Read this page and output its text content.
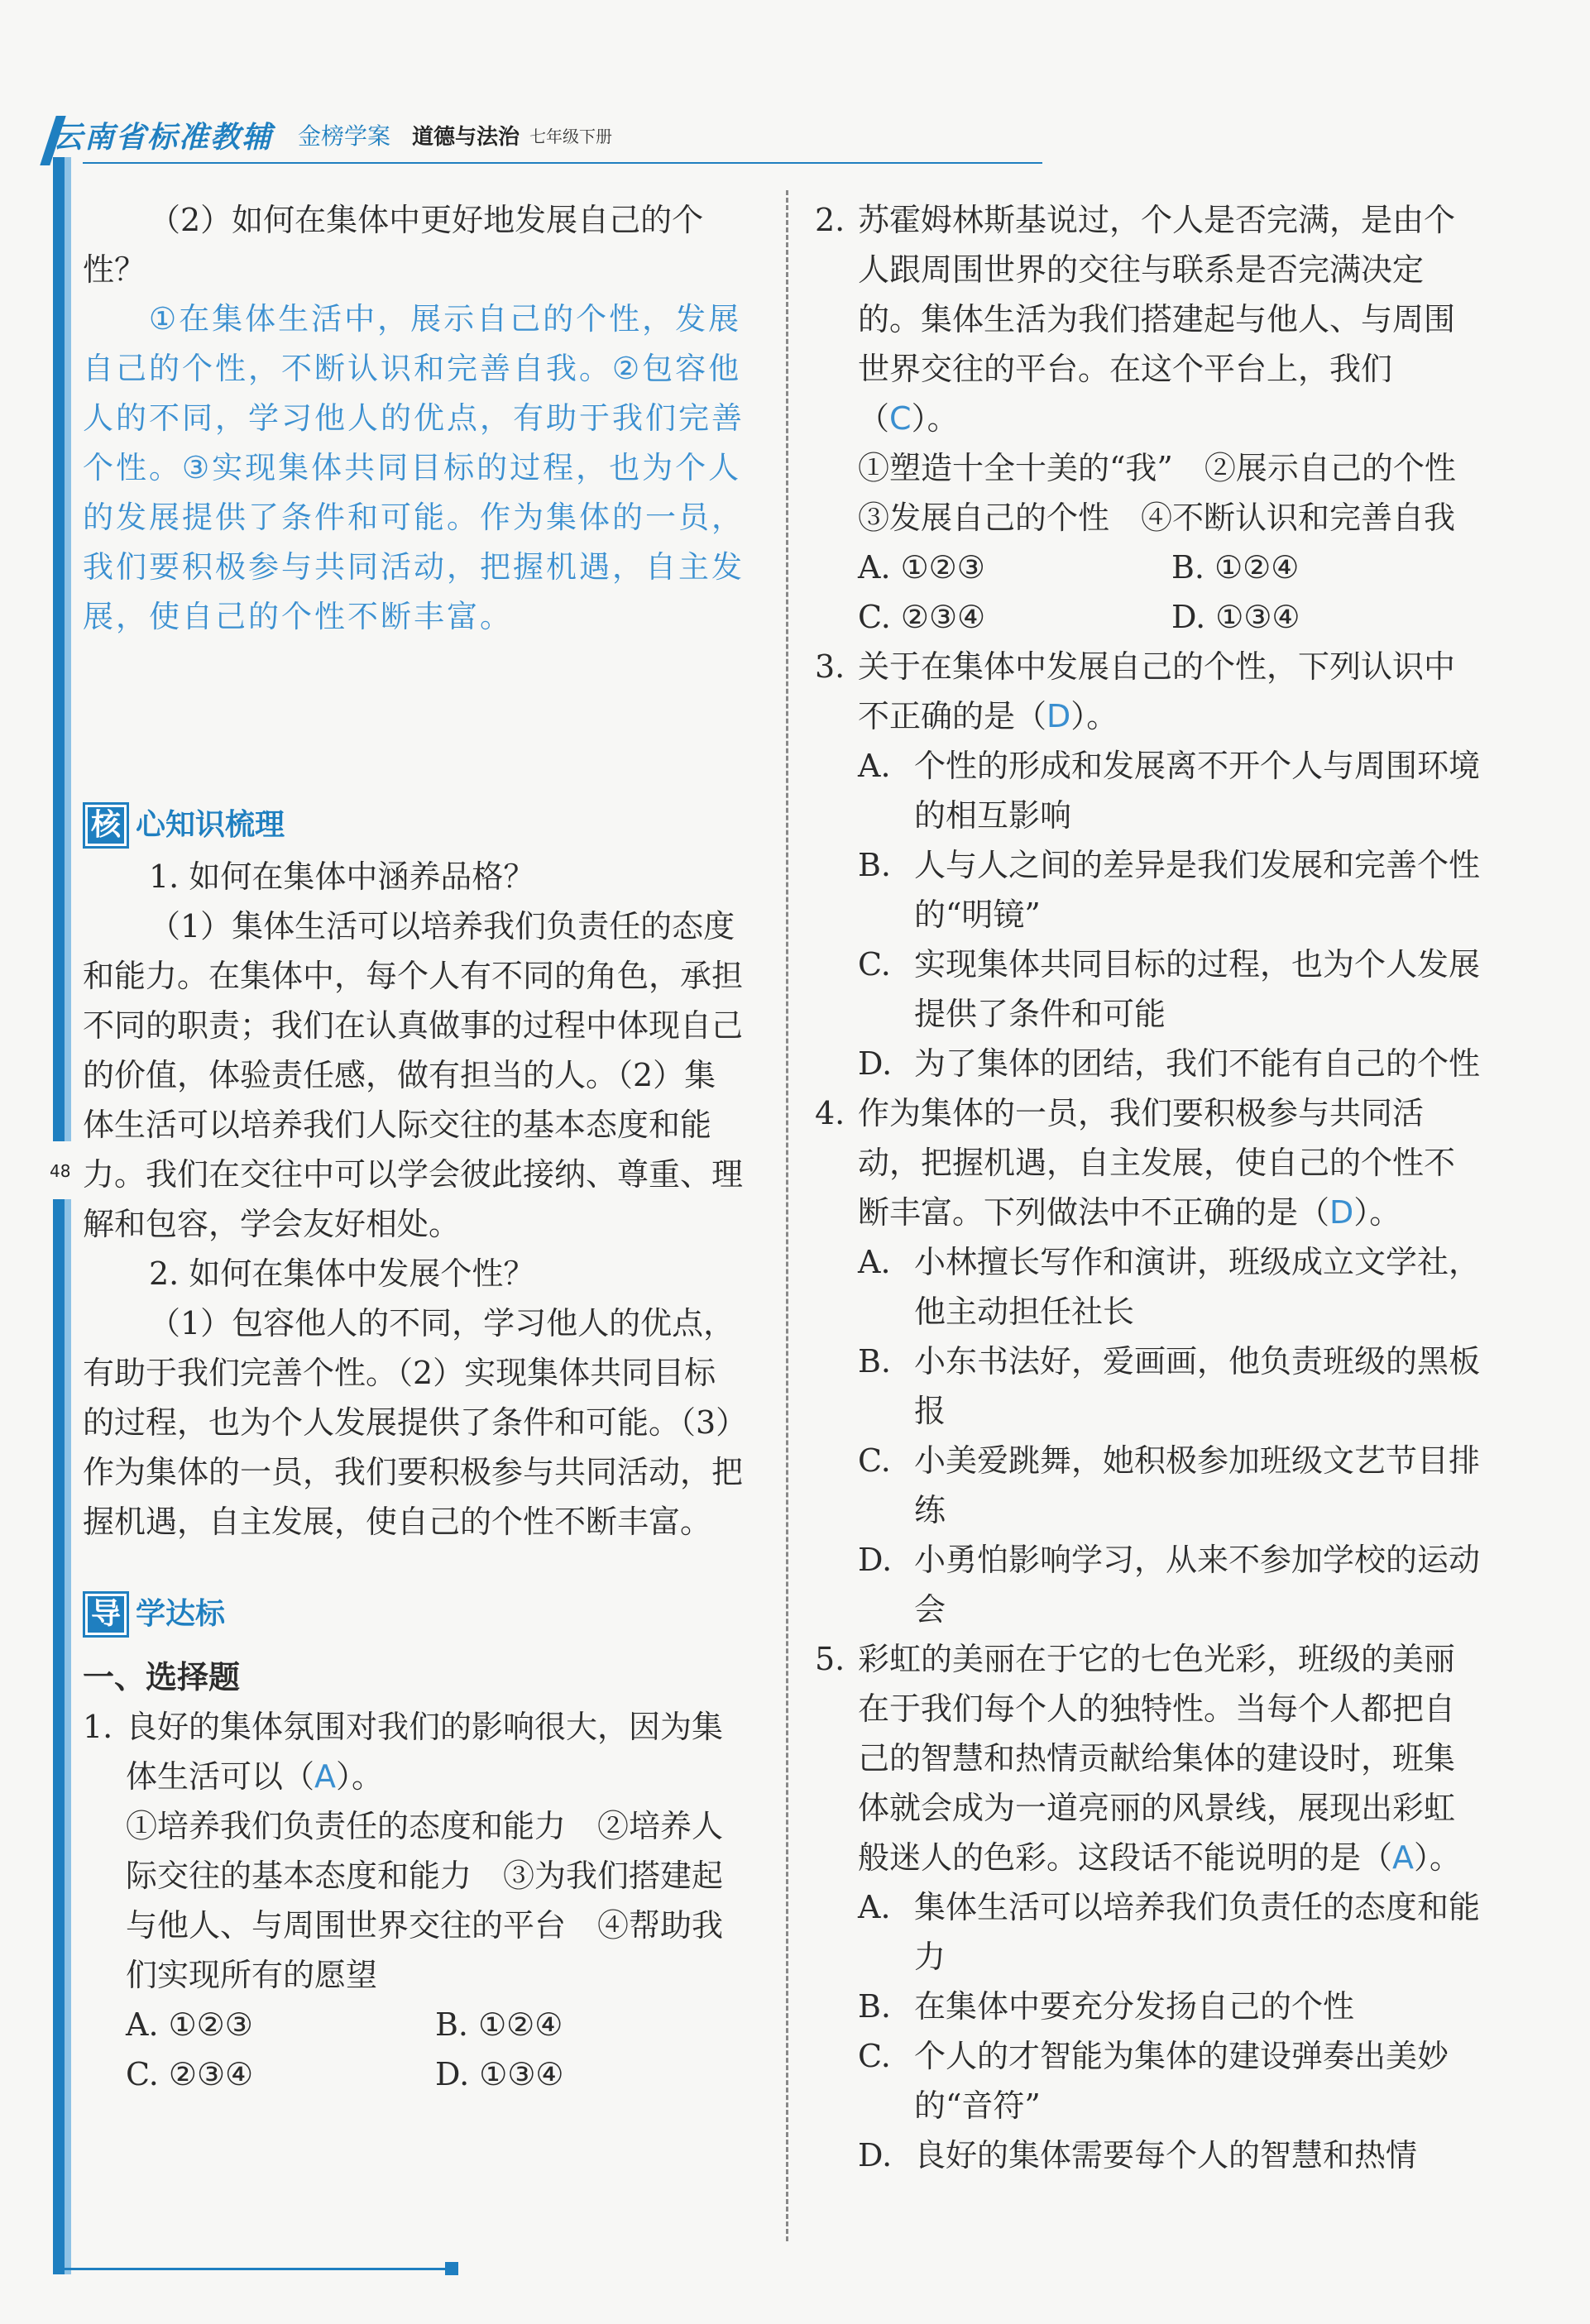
云南省标准教辅 金榜学案 道德与法治 七年级下册
48

（2）如何在集体中更好地发展自己的个性？

①在集体生活中，展示自己的个性，发展自己的个性，不断认识和完善自我。②包容他人的不同，学习他人的优点，有助于我们完善个性。③实现集体共同目标的过程，也为个人的发展提供了条件和可能。作为集体的一员，我们要积极参与共同活动，把握机遇，自主发展，使自己的个性不断丰富。

核 心知识梳理

1. 如何在集体中涵养品格？

（1）集体生活可以培养我们负责任的态度和能力。在集体中，每个人有不同的角色，承担不同的职责；我们在认真做事的过程中体现自己的价值，体验责任感，做有担当的人。（2）集体生活可以培养我们人际交往的基本态度和能力。我们在交往中可以学会彼此接纳、尊重、理解和包容，学会友好相处。

2. 如何在集体中发展个性？

（1）包容他人的不同，学习他人的优点，有助于我们完善个性。（2）实现集体共同目标的过程，也为个人发展提供了条件和可能。（3）作为集体的一员，我们要积极参与共同活动，把握机遇，自主发展，使自己的个性不断丰富。

导 学达标

一、选择题

1. 良好的集体氛围对我们的影响很大，因为集体生活可以（A）。

①培养我们负责任的态度和能力　②培养人际交往的基本态度和能力　③为我们搭建起与他人、与周围世界交往的平台　④帮助我们实现所有的愿望

A. ①②③	B. ①②④
C. ②③④	D. ①③④
2. 苏霍姆林斯基说过，个人是否完满，是由个人跟周围世界的交往与联系是否完满决定的。集体生活为我们搭建起与他人、与周围世界交往的平台。在这个平台上，我们（C）。

①塑造十全十美的“我”　②展示自己的个性　③发展自己的个性　④不断认识和完善自我

A. ①②③	B. ①②④
C. ②③④	D. ①③④
3. 关于在集体中发展自己的个性，下列认识中不正确的是（D）。

A. 个性的形成和发展离不开个人与周围环境的相互影响
B. 人与人之间的差异是我们发展和完善个性的“明镜”
C. 实现集体共同目标的过程，也为个人发展提供了条件和可能
D. 为了集体的团结，我们不能有自己的个性
4. 作为集体的一员，我们要积极参与共同活动，把握机遇，自主发展，使自己的个性不断丰富。下列做法中不正确的是（D）。

A. 小林擅长写作和演讲，班级成立文学社，他主动担任社长
B. 小东书法好，爱画画，他负责班级的黑板报
C. 小美爱跳舞，她积极参加班级文艺节目排练
D. 小勇怕影响学习，从来不参加学校的运动会
5. 彩虹的美丽在于它的七色光彩，班级的美丽在于我们每个人的独特性。当每个人都把自己的智慧和热情贡献给集体的建设时，班集体就会成为一道亮丽的风景线，展现出彩虹般迷人的色彩。这段话不能说明的是（A）。

A. 集体生活可以培养我们负责任的态度和能力
B. 在集体中要充分发扬自己的个性
C. 个人的才智能为集体的建设弹奏出美妙的“音符”
D. 良好的集体需要每个人的智慧和热情
